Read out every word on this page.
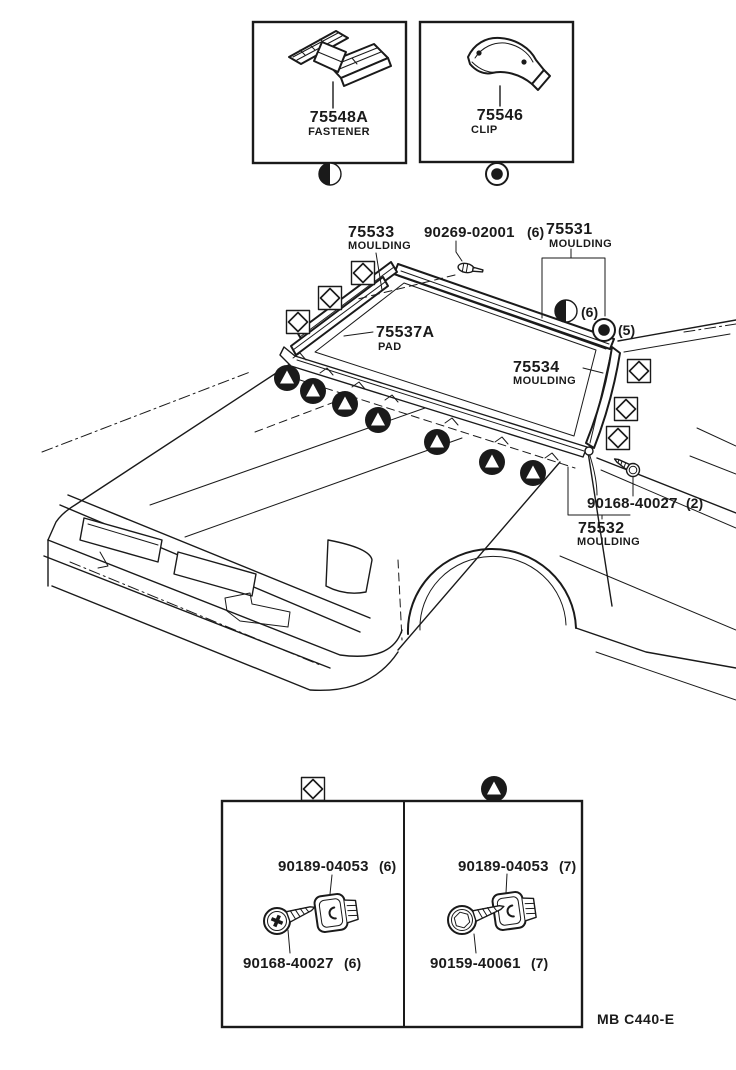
75548A
FASTENER
75546
CLIP
75533
MOULDING
90269-02001 (6) 75531
MOULDING
(6)
(5)
75537A
PAD
75534
MOULDING
90168-40027 (2)
75532
MOULDING
90189-04053 (6)
90168-40027 (6)
90189-04053 (7)
90159-40061 (7)
MB C440-E
